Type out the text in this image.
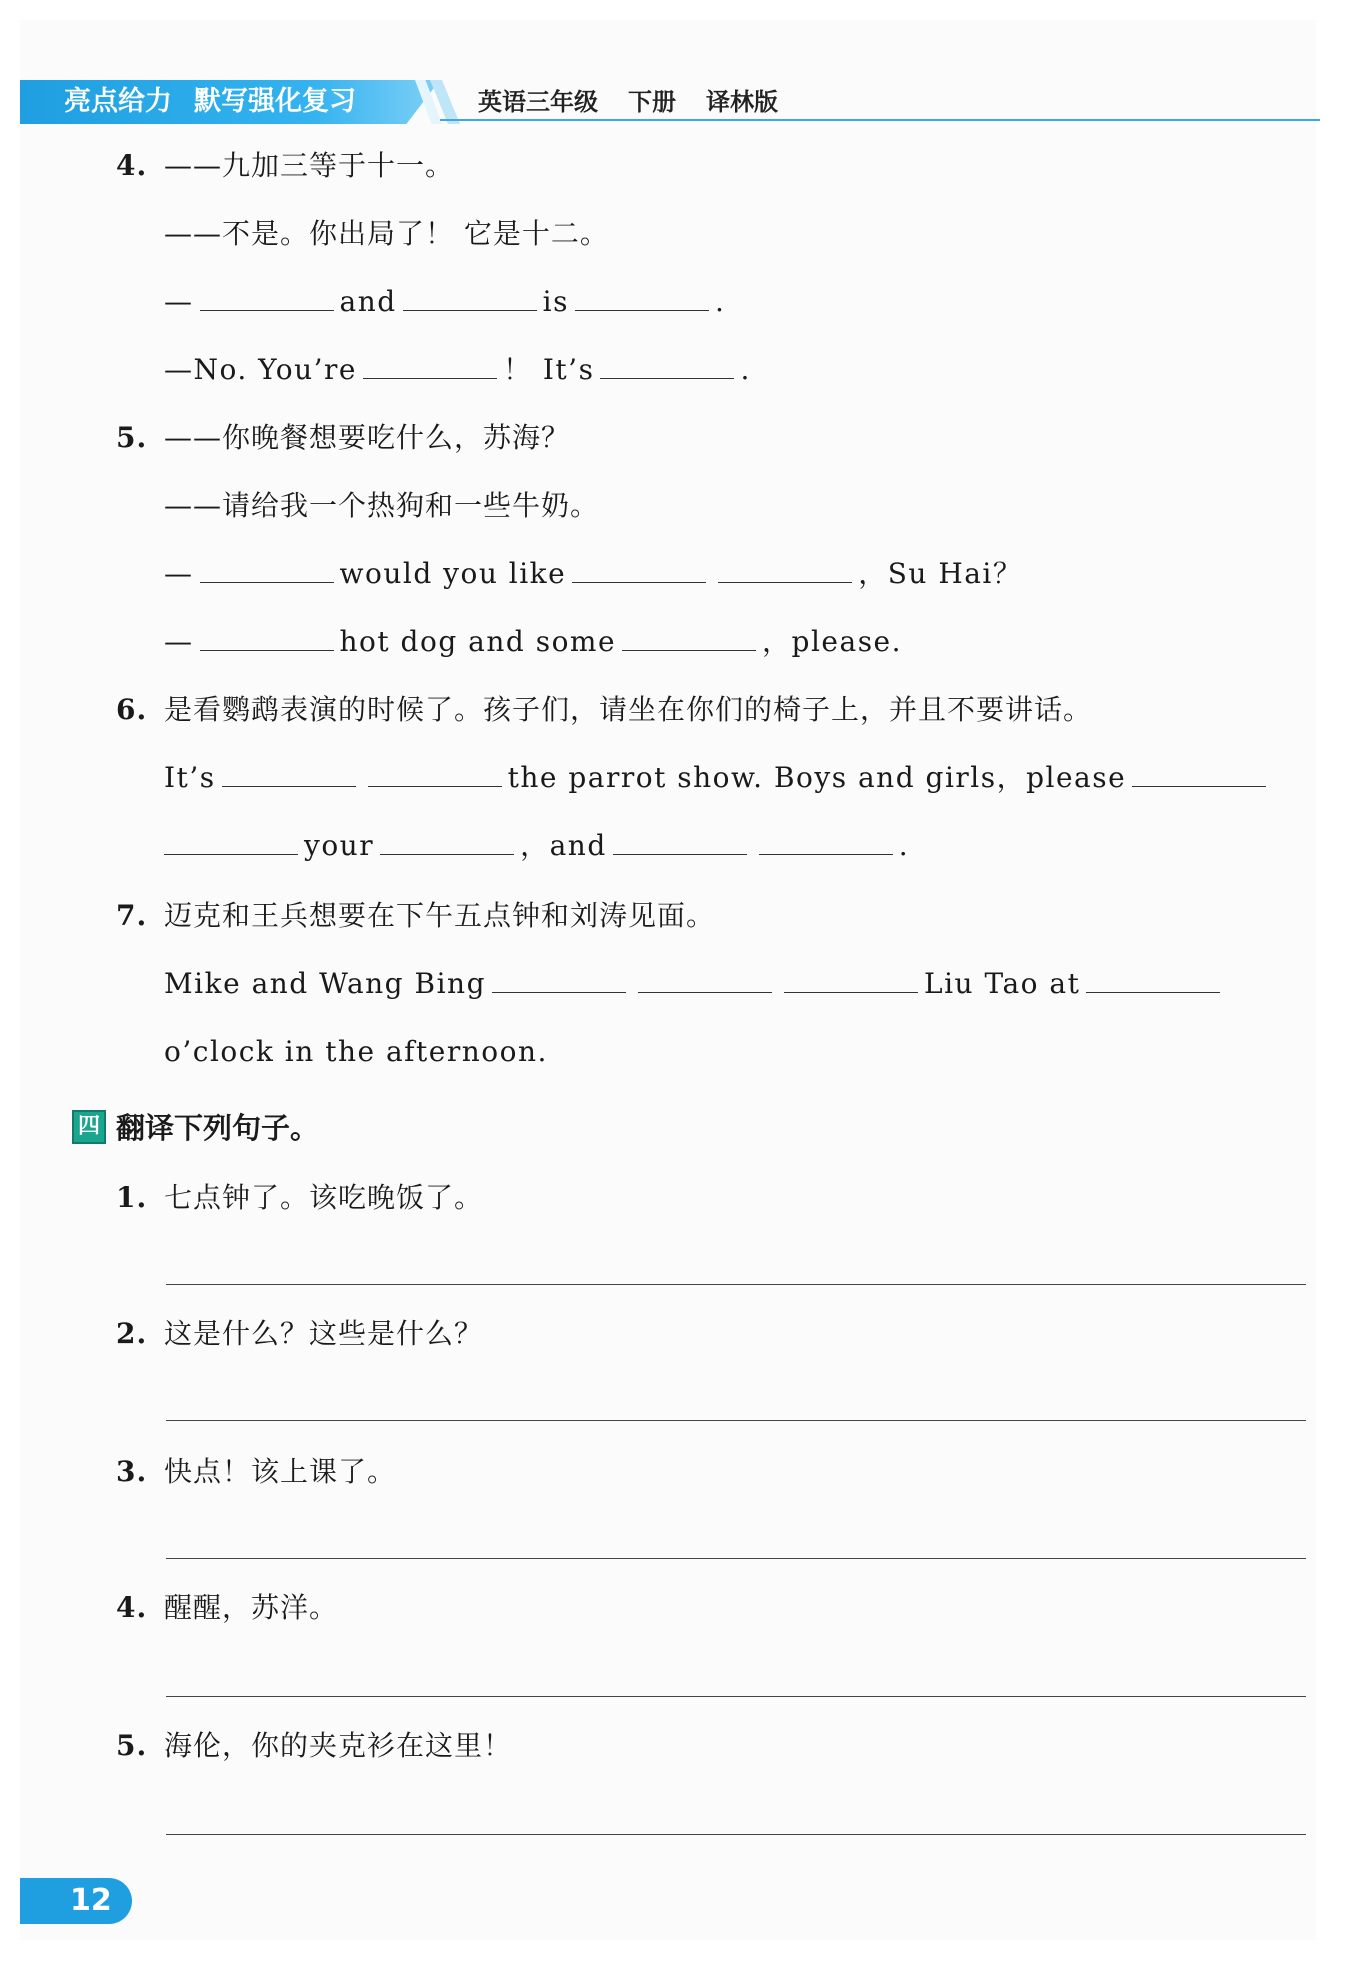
亮点给力 默写强化复习	英语三年级 下册 译林版
4. ——九加三等于十一。
——不是。你出局了！ 它是十二。
—	and	is	.
—No. You’re	！ It’s	.
5. ——你晚餐想要吃什么，苏海？
——请给我一个热狗和一些牛奶。
—	would you like	，Su Hai？
—	hot dog and some	，please.
6. 是看鹦鹉表演的时候了。孩子们，请坐在你们的椅子上，并且不要讲话。
It’s	the parrot show. Boys and girls，please
your	，and	.
7. 迈克和王兵想要在下午五点钟和刘涛见面。
Mike and Wang Bing	Liu Tao at
o’clock in the afternoon.
四 翻译下列句子。
1. 七点钟了。该吃晚饭了。
2. 这是什么？这些是什么？
3. 快点！该上课了。
4. 醒醒，苏洋。
5. 海伦，你的夹克衫在这里！
12
